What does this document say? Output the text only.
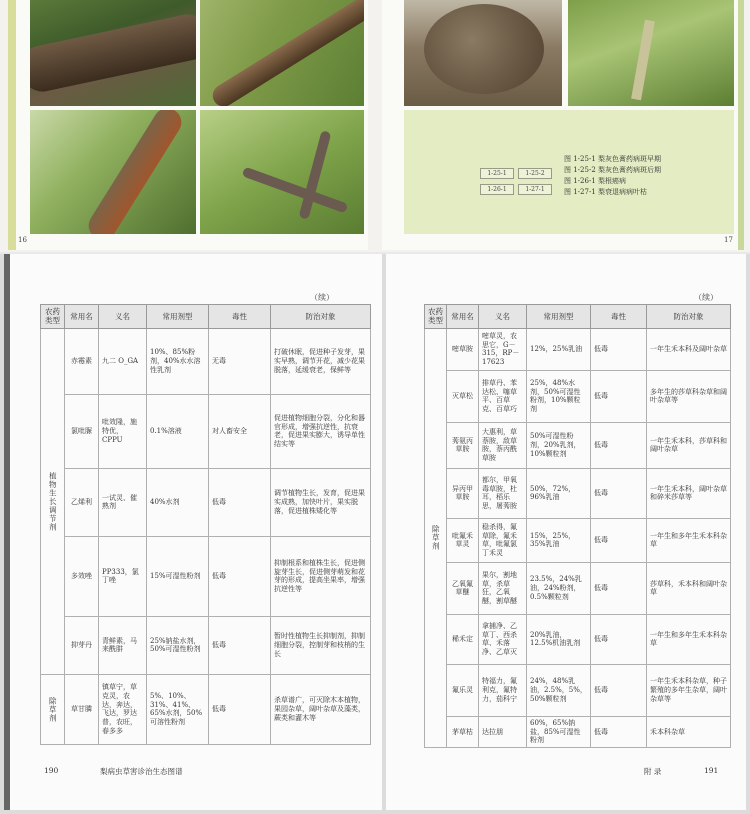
16
1-25-1	1-25-2
1-26-1	1-27-1
图 1-25-1 梨灰色膏药病斑早期
图 1-25-2 梨灰色膏药病斑后期
图 1-26-1 梨根癌病
图 1-27-1 梨衰退病病叶枯
17
（续）
农药类型	常用名	义名	常用剂型	毒性	防治对象

植物生长调节剂	赤霉素	九二 O_GA	10%、85%粉剂，40%水水溶性乳剂	无毒	打破休眠，促进种子发芽，果实早熟，调节开花，减少花果脱落，延缓衰老，保鲜等
	氯吡脲	吡效隆，施特优，CPPU	0.1%溶液	对人畜安全	促进植物细胞分裂，分化和器官形成，增强抗逆性，抗衰老，促进果实膨大，诱导单性结实等
	乙烯利	一试灵、催熟剂	40%水剂	低毒	调节植物生长，发育，促进果实成熟，加快叶片，果实脱落，促进植株矮化等
	多效唑	PP333，氯丁唑	15%可湿性粉剂	低毒	抑制根系和植株生长，促进侧旋芽生长，促进侧芽萌发和花芽的形成，提高坐果率，增强抗逆性等
	抑芽丹	青鲜素，马来酰肼	25%钠盐水剂，50%可湿性粉剂	低毒	暂时性植物生长抑制剂，抑制细胞分裂，控制芽和枝梢的生长

除草剂	草甘膦	镇草宁，草克灵，农达，奔达，飞达，罗达普，农旺，春多多	5%、10%、31%、41%、65%水剂，50%可溶性粉剂	低毒	杀草谱广，可灭除木本植物，果园杂草，阔叶杂草及藻类，蕨类和灌木等
190	梨病虫草害诊治生态图谱
（续）
农药类型	常用名	义名	常用剂型	毒性	防治对象

除草剂	嘧草胺	嘧草灵，农思它，G－315，RP－17623	12%，25%乳油	低毒	一年生禾本科及阔叶杂草
	灭草松	排草丹、苯达松、噻草平、百草克、百草巧	25%，48%水剂，50%可湿性粉剂，10%颗粒剂	低毒	多年生的莎草科杂草和阔叶杂草等
	莠氨丙草胺	大惠利，草萘胺，敌草胺，萘丙酰草胺	50%可湿性粉剂，20%乳剂，10%颗粒剂	低毒	一年生禾本科，莎草科和阔叶杂草
	异丙甲草胺	都尔，甲氧毒草胺，杜耳，稻乐思，屠莠胺	50%，72%，96%乳油	低毒	一年生禾本科，阔叶杂草和碎米莎草等
	吡氟禾草灵	稳杀得，氟草除，氟禾草，吡氟氯丁禾灵	15%，25%，35%乳油	低毒	一年生和多年生禾本科杂草
	乙氧氟草醚	果尔，割地草，杀草狂，乙氧醚，割草醚	23.5%，24%乳油，24%粉剂，0.5%颗粒剂	低毒	莎草科，禾本科和阔叶杂草
	稀禾定	拿捕净、乙草丁、西杀草、禾落净、乙草灭	20%乳油，12.5%机油乳剂	低毒	一年生和多年生禾本科杂草
	氟乐灵	特福力，氟利克，氟特力，茄科宁	24%，48%乳油，2.5%，5%，50%颗粒剂	低毒	一年生禾本科杂草，种子繁殖的多年生杂草，阔叶杂草等
	茅草枯	达拉朋	60%，65%钠盐，85%可湿性粉剂	低毒	禾本科杂草
附 录	191
